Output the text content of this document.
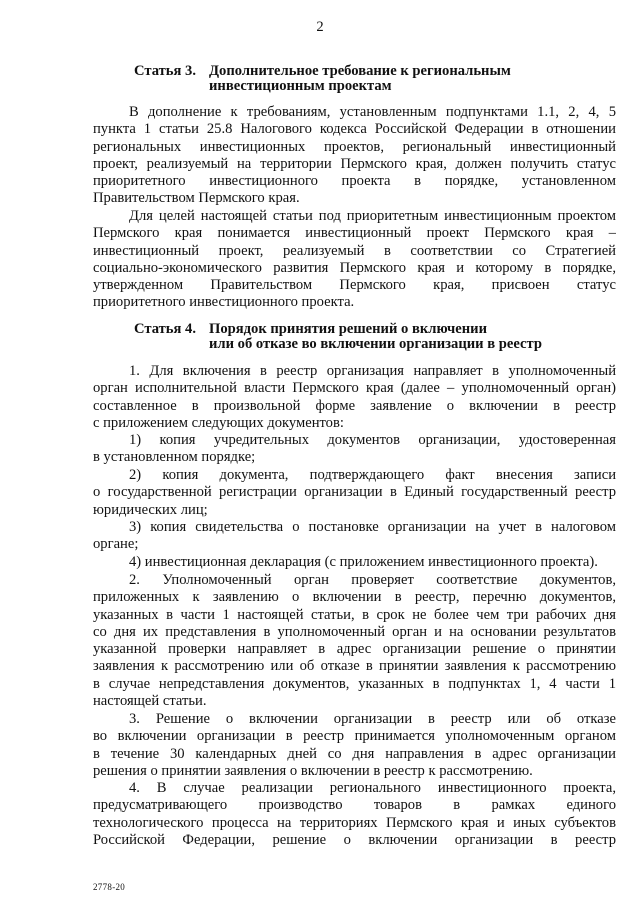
2
Статья 3. Дополнительное требование к региональным
инвестиционным проектам
В дополнение к требованиям, установленным подпунктами 1.1, 2, 4, 5
пункта 1 статьи 25.8 Налогового кодекса Российской Федерации в отношении
региональных инвестиционных проектов, региональный инвестиционный
проект, реализуемый на территории Пермского края, должен получить статус
приоритетного инвестиционного проекта в порядке, установленном
Правительством Пермского края.
Для целей настоящей статьи под приоритетным инвестиционным проектом
Пермского края понимается инвестиционный проект Пермского края –
инвестиционный проект, реализуемый в соответствии со Стратегией
социально-экономического развития Пермского края и которому в порядке,
утвержденном Правительством Пермского края, присвоен статус
приоритетного инвестиционного проекта.
Статья 4. Порядок принятия решений о включении
или об отказе во включении организации в реестр
1. Для включения в реестр организация направляет в уполномоченный
орган исполнительной власти Пермского края (далее – уполномоченный орган)
составленное в произвольной форме заявление о включении в реестр
с приложением следующих документов:
1) копия учредительных документов организации, удостоверенная
в установленном порядке;
2) копия документа, подтверждающего факт внесения записи
о государственной регистрации организации в Единый государственный реестр
юридических лиц;
3) копия свидетельства о постановке организации на учет в налоговом
органе;
4) инвестиционная декларация (с приложением инвестиционного проекта).
2. Уполномоченный орган проверяет соответствие документов,
приложенных к заявлению о включении в реестр, перечню документов,
указанных в части 1 настоящей статьи, в срок не более чем три рабочих дня
со дня их представления в уполномоченный орган и на основании результатов
указанной проверки направляет в адрес организации решение о принятии
заявления к рассмотрению или об отказе в принятии заявления к рассмотрению
в случае непредставления документов, указанных в подпунктах 1, 4 части 1
настоящей статьи.
3. Решение о включении организации в реестр или об отказе
во включении организации в реестр принимается уполномоченным органом
в течение 30 календарных дней со дня направления в адрес организации
решения о принятии заявления о включении в реестр к рассмотрению.
4. В случае реализации регионального инвестиционного проекта,
предусматривающего производство товаров в рамках единого
технологического процесса на территориях Пермского края и иных субъектов
Российской Федерации, решение о включении организации в реестр
2778-20
